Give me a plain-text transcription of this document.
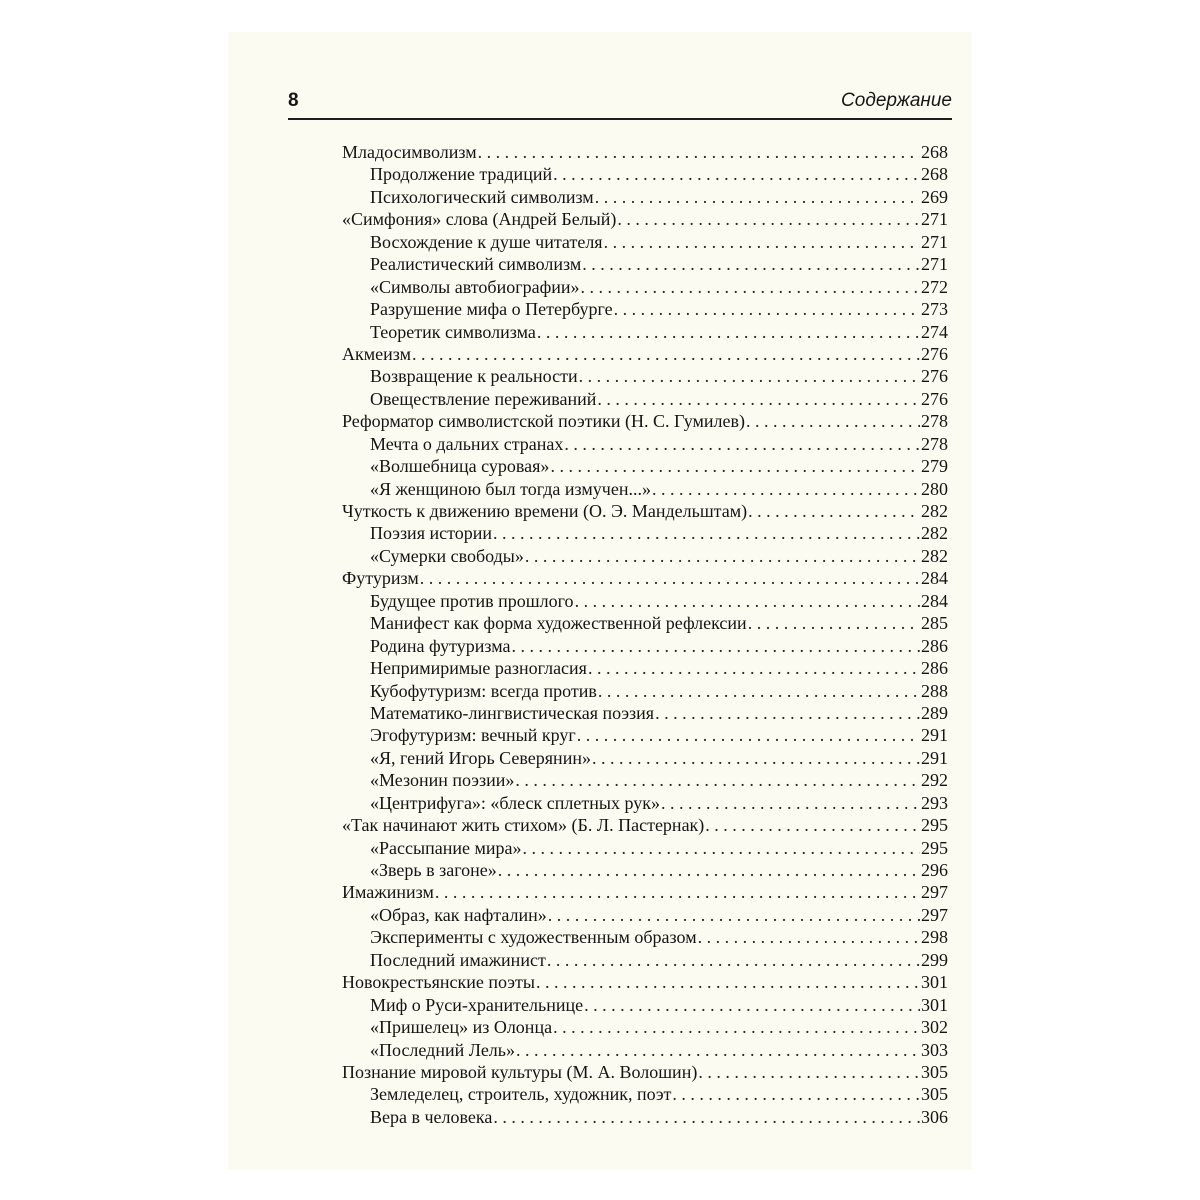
8	Содержание
Младосимволизм . . .	268
Продолжение традиций . . .	268
Психологический символизм . . .	269
«Симфония» слова (Андрей Белый) . . .	271
Восхождение к душе читателя . . .	271
Реалистический символизм . . .	271
«Символы автобиографии» . . .	272
Разрушение мифа о Петербурге . . .	273
Теоретик символизма . . .	274
Акмеизм . . .	276
Возвращение к реальности . . .	276
Овеществление переживаний . . .	276
Реформатор символистской поэтики (Н. С. Гумилев) . . .	278
Мечта о дальних странах . . .	278
«Волшебница суровая» . . .	279
«Я женщиною был тогда измучен...» . . .	280
Чуткость к движению времени (О. Э. Мандельштам) . . .	282
Поэзия истории . . .	282
«Сумерки свободы» . . .	282
Футуризм . . .	284
Будущее против прошлого . . .	284
Манифест как форма художественной рефлексии . . .	285
Родина футуризма . . .	286
Непримиримые разногласия . . .	286
Кубофутуризм: всегда против . . .	288
Математико-лингвистическая поэзия . . .	289
Эгофутуризм: вечный круг . . .	291
«Я, гений Игорь Северянин» . . .	291
«Мезонин поэзии» . . .	292
«Центрифуга»: «блеск сплетных рук» . . .	293
«Так начинают жить стихом» (Б. Л. Пастернак) . . .	295
«Рассыпание мира» . . .	295
«Зверь в загоне» . . .	296
Имажинизм . . .	297
«Образ, как нафталин» . . .	297
Эксперименты с художественным образом . . .	298
Последний имажинист . . .	299
Новокрестьянские поэты . . .	301
Миф о Руси-хранительнице . . .	301
«Пришелец» из Олонца . . .	302
«Последний Лель» . . .	303
Познание мировой культуры (М. А. Волошин) . . .	305
Земледелец, строитель, художник, поэт . . .	305
Вера в человека . . .	306
